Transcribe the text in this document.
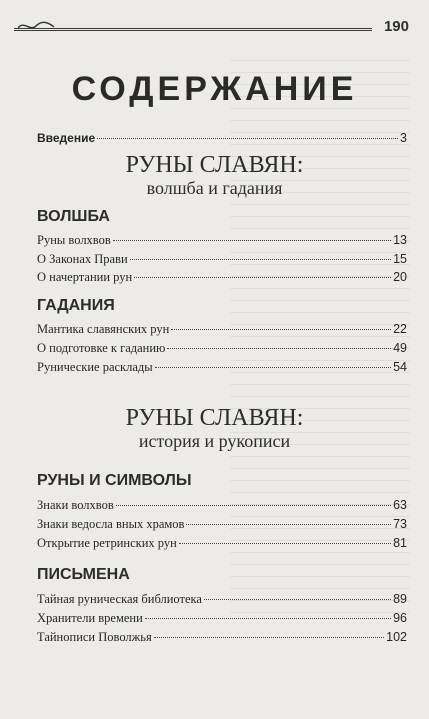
190
СОДЕРЖАНИЕ
Введение	3
РУНЫ СЛАВЯН:
волшба и гадания
ВОЛШБА
Руны волхвов	13
О Законах Прави	15
О начертании рун	20
ГАДАНИЯ
Мантика славянских рун	22
О подготовке к гаданию	49
Рунические расклады	54
РУНЫ СЛАВЯН:
история и рукописи
РУНЫ И СИМВОЛЫ
Знаки волхвов	63
Знаки ведосла вных храмов	73
Открытие ретринских рун	81
ПИСЬМЕНА
Тайная руническая библиотека	89
Хранители времени	96
Тайнописи Поволжья	102
